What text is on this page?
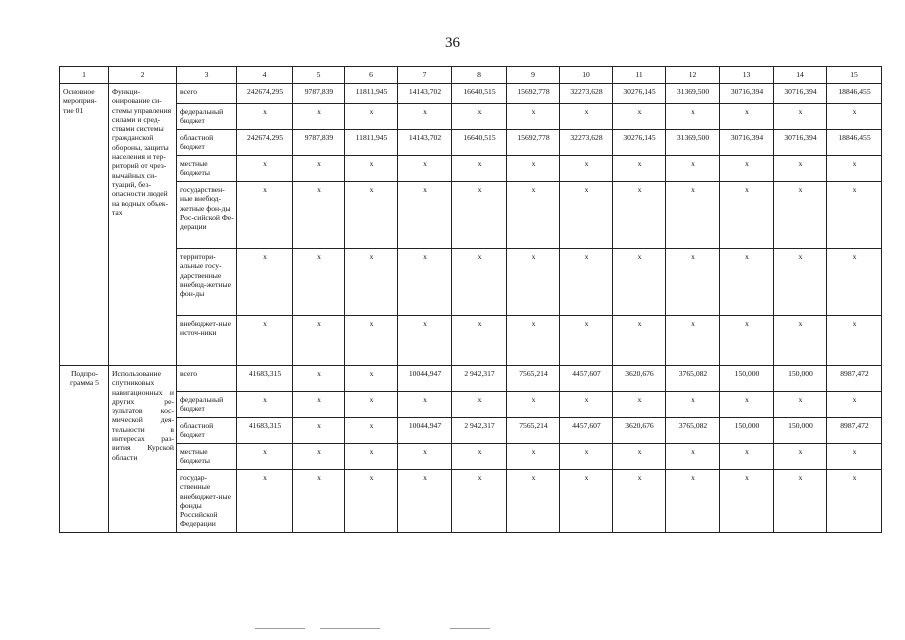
36
1	2	3	4	5	6	7	8	9	10	11	12	13	14	15
Основное мероприя-тие 01	Функци-онирование си-стемы управления силами и сред-ствами системы гражданской обороны, защиты населения и тер-риторий от чрез-вычайных си-туаций, без-опасности людей на водных объек-тах	всего	242674,295	9787,839	11811,945	14143,702	16640,515	15692,778	32273,628	30276,145	31369,500	30716,394	30716,394	18846,455
		федеральный бюджет	х	х	х	х	х	х	х	х	х	х	х	х
		областной бюджет	242674,295	9787,839	11811,945	14143,702	16640,515	15692,778	32273,628	30276,145	31369,500	30716,394	30716,394	18846,455
		местные бюджеты	х	х	х	х	х	х	х	х	х	х	х	х
		государствен-ные внебюд-жетные фон-ды Рос-сийской Фе-дерации	х	х	х	х	х	х	х	х	х	х	х	х
		территори-альные госу-дарственные внебюд-жетные фон-ды	х	х	х	х	х	х	х	х	х	х	х	х
		внебюджет-ные источ-ники	х	х	х	х	х	х	х	х	х	х	х	х
Подпро-грамма 5	Использование спутниковых навигационных и других ре-зультатов кос-мической дея-тельности в интересах раз-вития Курской области	всего	41683,315	х	х	10044,947	2 942,317	7565,214	4457,607	3620,676	3765,082	150,000	150,000	8987,472
		федеральный бюджет	х	х	х	х	х	х	х	х	х	х	х	х
		областной бюджет	41683,315	х	х	10044,947	2 942,317	7565,214	4457,607	3620,676	3765,082	150,000	150,000	8987,472
		местные бюджеты	х	х	х	х	х	х	х	х	х	х	х	х
		государ-ственные внебюджет-ные фонды Российской Федерации	х	х	х	х	х	х	х	х	х	х	х	х
